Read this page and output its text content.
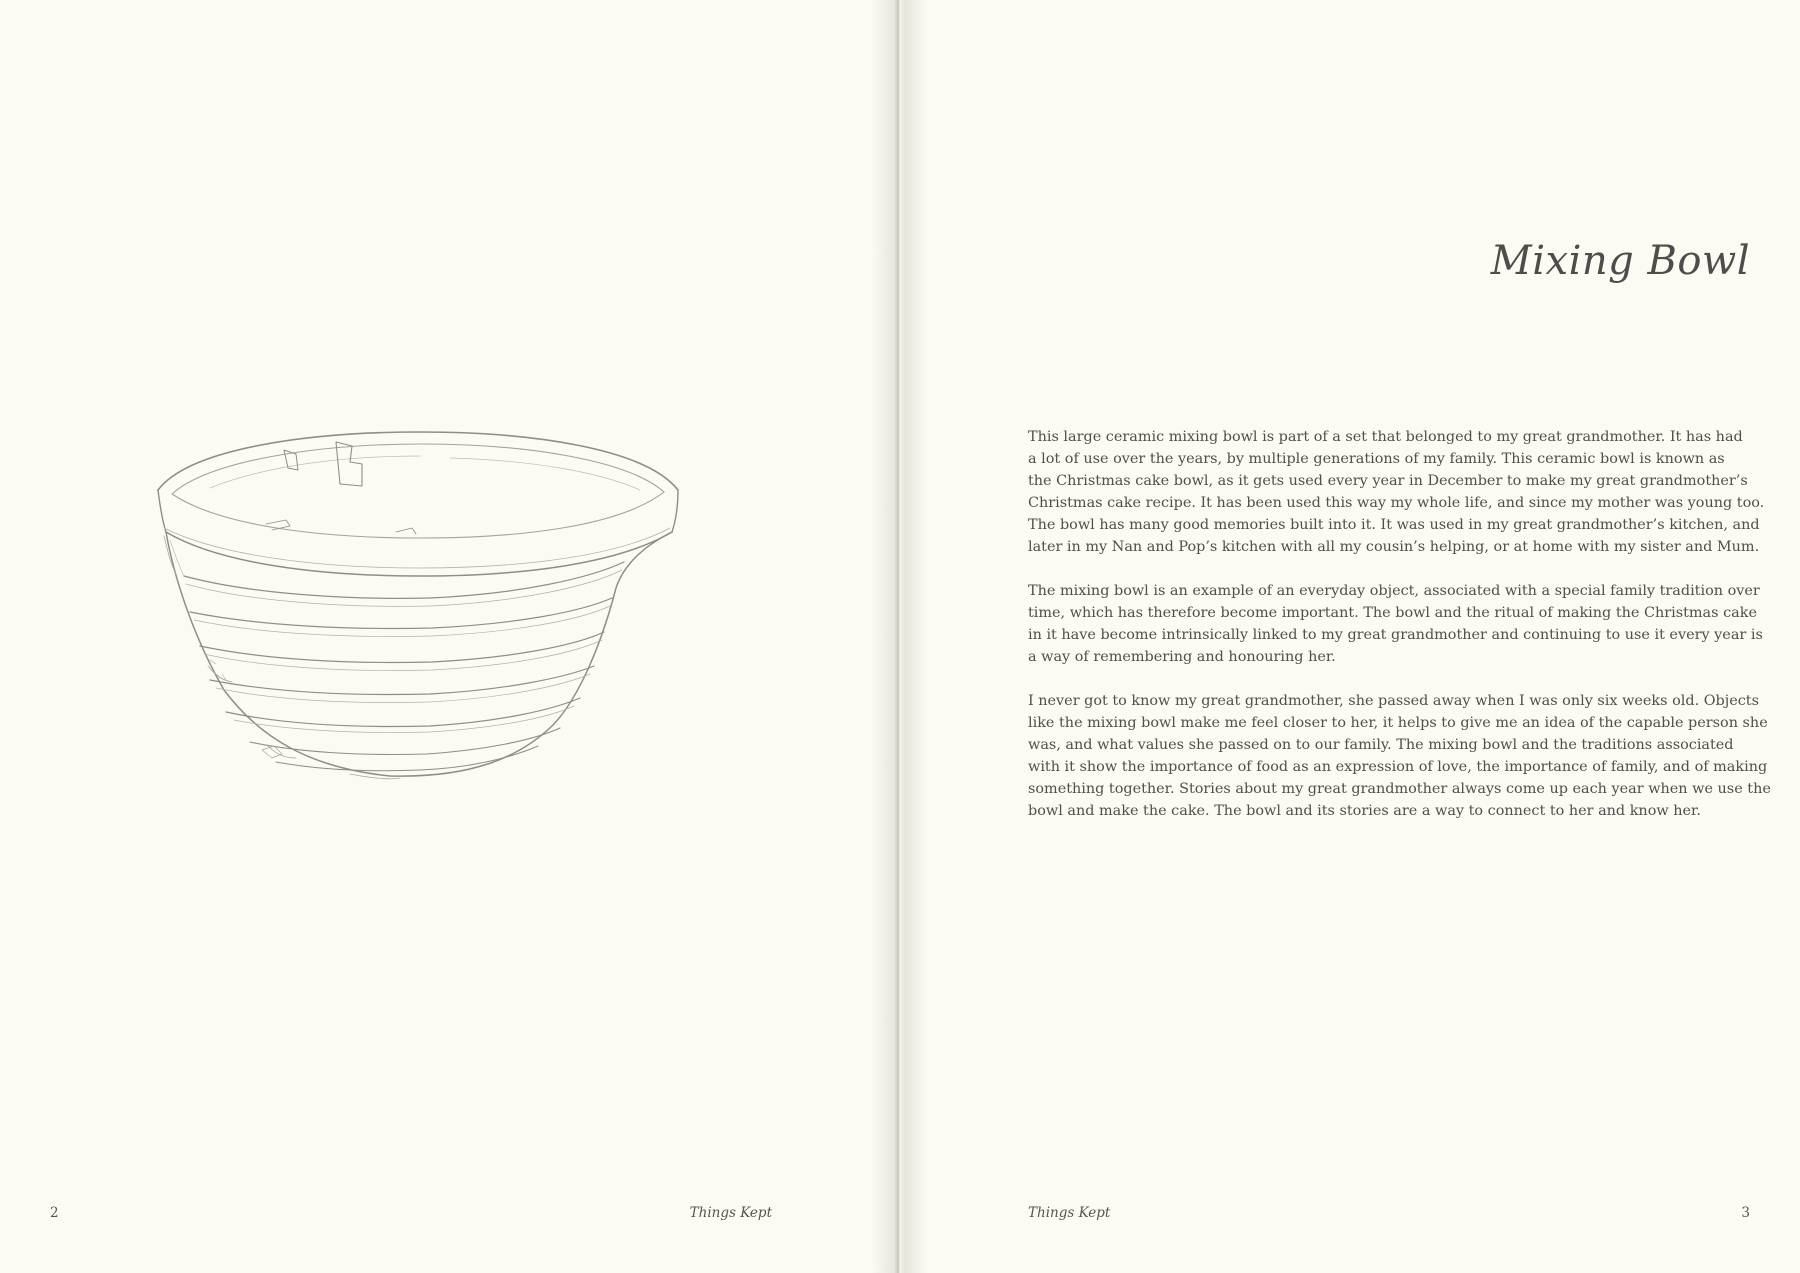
2	Things Kept
Mixing Bowl

This large ceramic mixing bowl is part of a set that belonged to my great grandmother. It has had
a lot of use over the years, by multiple generations of my family. This ceramic bowl is known as
the Christmas cake bowl, as it gets used every year in December to make my great grandmother’s
Christmas cake recipe. It has been used this way my whole life, and since my mother was young too.
The bowl has many good memories built into it. It was used in my great grandmother’s kitchen, and
later in my Nan and Pop’s kitchen with all my cousin’s helping, or at home with my sister and Mum.

The mixing bowl is an example of an everyday object, associated with a special family tradition over
time, which has therefore become important. The bowl and the ritual of making the Christmas cake
in it have become intrinsically linked to my great grandmother and continuing to use it every year is
a way of remembering and honouring her.

I never got to know my great grandmother, she passed away when I was only six weeks old. Objects
like the mixing bowl make me feel closer to her, it helps to give me an idea of the capable person she
was, and what values she passed on to our family. The mixing bowl and the traditions associated
with it show the importance of food as an expression of love, the importance of family, and of making
something together. Stories about my great grandmother always come up each year when we use the
bowl and make the cake. The bowl and its stories are a way to connect to her and know her.

Things Kept	3
